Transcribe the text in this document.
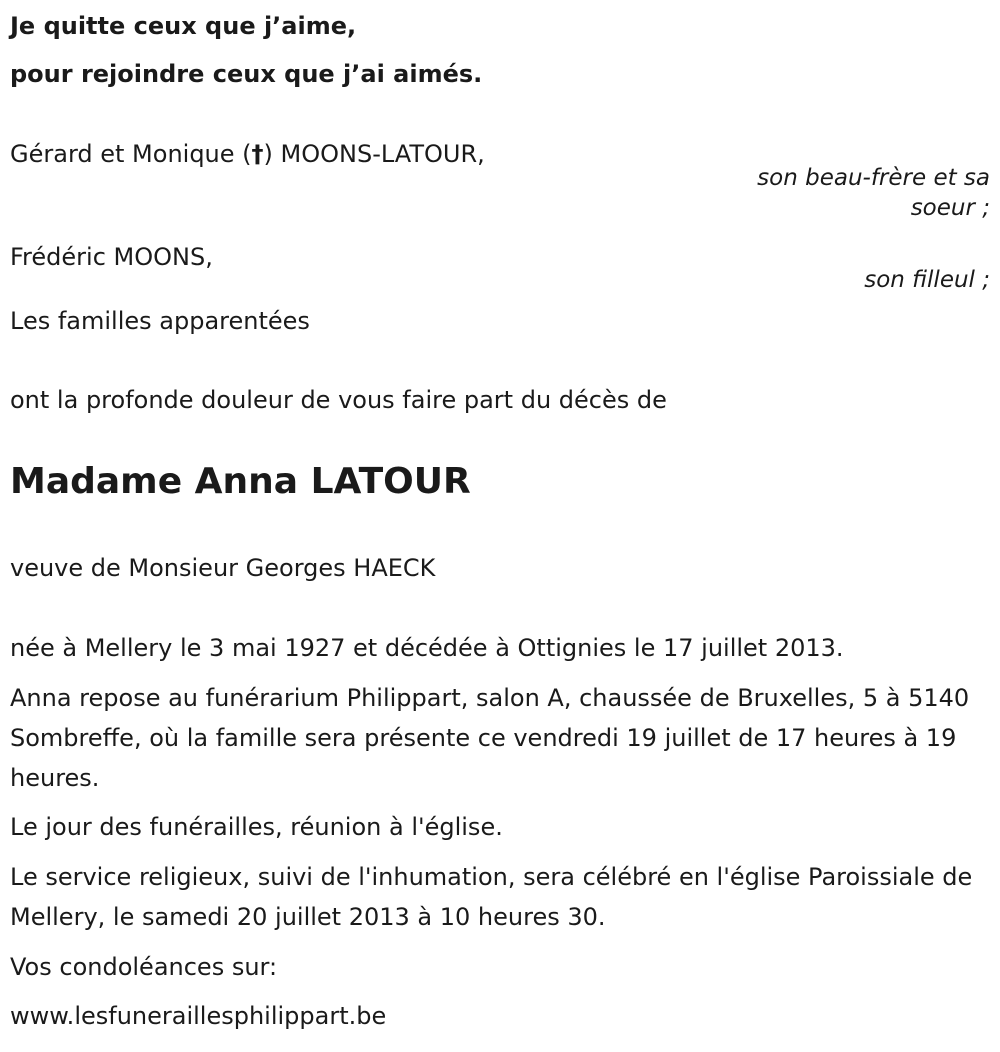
Je quitte ceux que j’aime,
pour rejoindre ceux que j’ai aimés.
Gérard et Monique (†) MOONS-LATOUR,
son beau-frère et sa soeur ;
Frédéric MOONS,
son filleul ;
Les familles apparentées
ont la profonde douleur de vous faire part du décès de
Madame Anna LATOUR
veuve de Monsieur Georges HAECK
née à Mellery le 3 mai 1927 et décédée à Ottignies le 17 juillet 2013.
Anna repose au funérarium Philippart, salon A, chaussée de Bruxelles, 5 à 5140 Sombreffe, où la famille sera présente ce vendredi 19 juillet de 17 heures à 19 heures.
Le jour des funérailles, réunion à l'église.
Le service religieux, suivi de l'inhumation, sera célébré en l'église Paroissiale de Mellery, le samedi 20 juillet 2013 à 10 heures 30.
Vos condoléances sur:
www.lesfuneraillesphilippart.be
